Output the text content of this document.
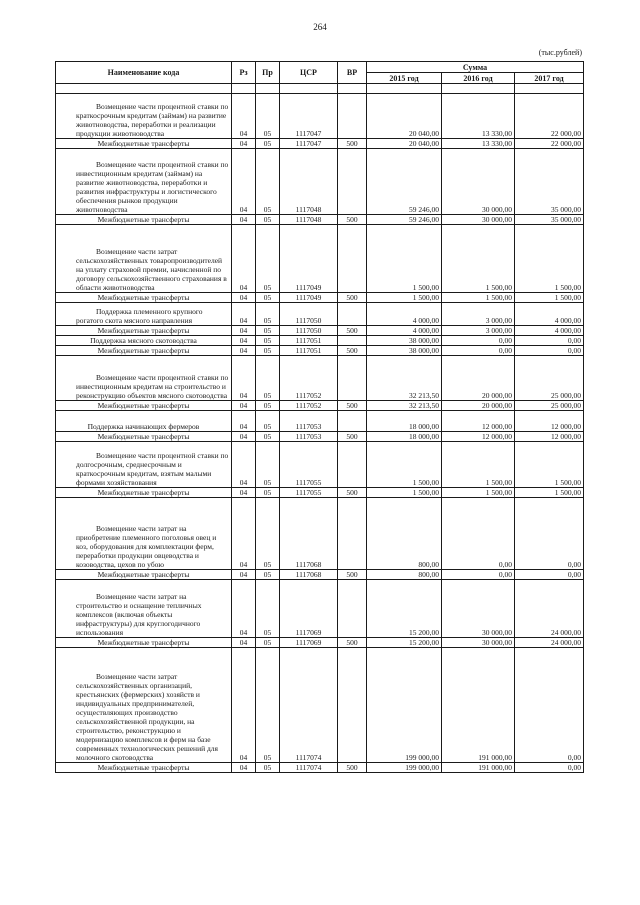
264
(тыс.рублей)
Наименование кода	Рз	Пр	ЦСР	ВР	Сумма		
					2015 год	2016 год	2017 год

Возмещение части процентной ставки по краткосрочным кредитам (займам) на развитие животноводства, переработки и реализации продукции животноводства	04	05	1117047		20 040,00	13 330,00	22 000,00
Межбюджетные трансферты	04	05	1117047	500	20 040,00	13 330,00	22 000,00
Возмещение части процентной ставки по инвестиционным кредитам (займам) на развитие животноводства, переработки и развития инфраструктуры и логистического обеспечения рынков продукции животноводства	04	05	1117048		59 246,00	30 000,00	35 000,00
Межбюджетные трансферты	04	05	1117048	500	59 246,00	30 000,00	35 000,00
Возмещение части затрат сельскохозяйственных товаропроизводителей на уплату страховой премии, начисленной по договору сельскохозяйственного страхования в области животноводства	04	05	1117049		1 500,00	1 500,00	1 500,00
Межбюджетные трансферты	04	05	1117049	500	1 500,00	1 500,00	1 500,00
Поддержка племенного крупного рогатого скота мясного направления	04	05	1117050		4 000,00	3 000,00	4 000,00
Межбюджетные трансферты	04	05	1117050	500	4 000,00	3 000,00	4 000,00
Поддержка мясного скотоводства	04	05	1117051		38 000,00	0,00	0,00
Межбюджетные трансферты	04	05	1117051	500	38 000,00	0,00	0,00
Возмещение части процентной ставки по инвестиционным кредитам на строительство и реконструкцию объектов мясного скотоводства	04	05	1117052		32 213,50	20 000,00	25 000,00
Межбюджетные трансферты	04	05	1117052	500	32 213,50	20 000,00	25 000,00
Поддержка начинающих фермеров	04	05	1117053		18 000,00	12 000,00	12 000,00
Межбюджетные трансферты	04	05	1117053	500	18 000,00	12 000,00	12 000,00
Возмещение части процентной ставки по долгосрочным, среднесрочным и краткосрочным кредитам, взятым малыми формами хозяйствования	04	05	1117055		1 500,00	1 500,00	1 500,00
Межбюджетные трансферты	04	05	1117055	500	1 500,00	1 500,00	1 500,00
Возмещение части затрат на приобретение племенного поголовья овец и коз, оборудования для комплектации ферм, переработки продукции овцеводства и козоводства, цехов по убою	04	05	1117068		800,00	0,00	0,00
Межбюджетные трансферты	04	05	1117068	500	800,00	0,00	0,00
Возмещение части затрат на строительство и оснащение тепличных комплексов (включая объекты инфраструктуры) для круглогодичного использования	04	05	1117069		15 200,00	30 000,00	24 000,00
Межбюджетные трансферты	04	05	1117069	500	15 200,00	30 000,00	24 000,00
Возмещение части затрат сельскохозяйственных организаций, крестьянских (фермерских) хозяйств и индивидуальных предпринимателей, осуществляющих производство сельскохозяйственной продукции, на строительство, реконструкцию и модернизацию комплексов и ферм на базе современных технологических решений для молочного скотоводства	04	05	1117074		199 000,00	191 000,00	0,00
Межбюджетные трансферты	04	05	1117074	500	199 000,00	191 000,00	0,00
